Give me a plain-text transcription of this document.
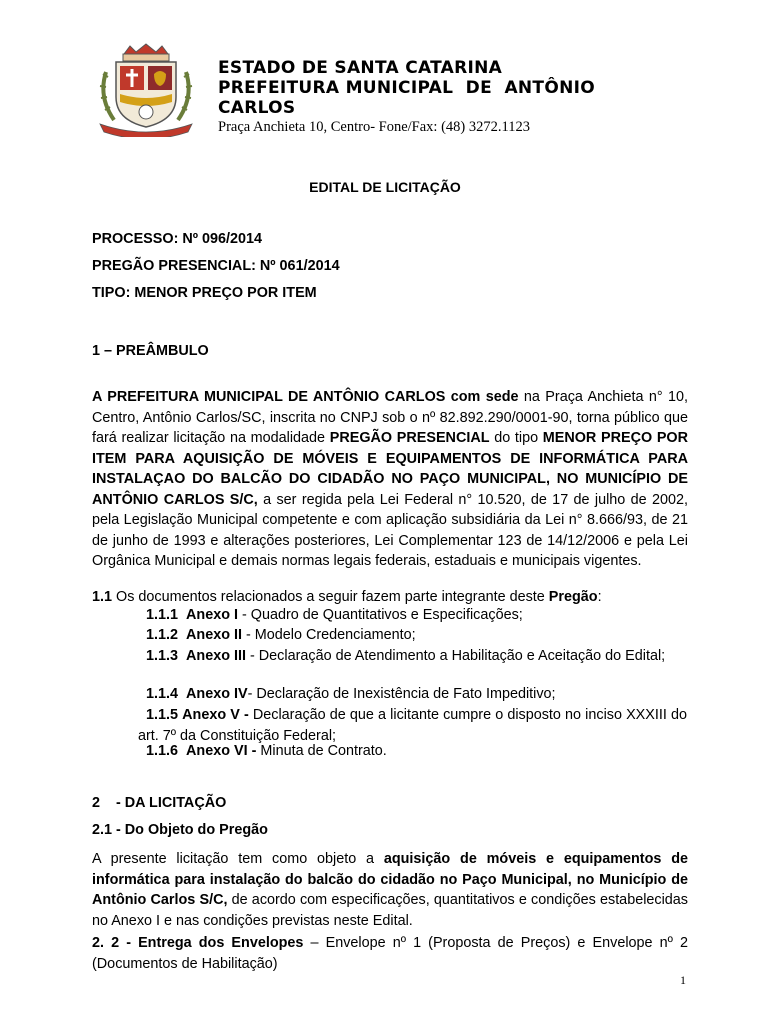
ESTADO DE SANTA CATARINA
PREFEITURA MUNICIPAL  DE  ANTÔNIO
CARLOS
Praça Anchieta 10, Centro- Fone/Fax: (48) 3272.1123
EDITAL DE LICITAÇÃO
PROCESSO: Nº 096/2014
PREGÃO PRESENCIAL: Nº 061/2014
TIPO: MENOR PREÇO POR ITEM
1 – PREÂMBULO
A PREFEITURA MUNICIPAL DE ANTÔNIO CARLOS com sede na Praça Anchieta n° 10, Centro, Antônio Carlos/SC, inscrita no CNPJ sob o nº 82.892.290/0001-90, torna público que fará realizar licitação na modalidade PREGÃO PRESENCIAL do tipo MENOR PREÇO POR ITEM PARA AQUISIÇÃO DE MÓVEIS E EQUIPAMENTOS DE INFORMÁTICA PARA INSTALAÇAO DO BALCÃO DO CIDADÃO NO PAÇO MUNICIPAL, NO MUNICÍPIO DE ANTÔNIO CARLOS S/C, a ser regida pela Lei Federal n° 10.520, de 17 de julho de 2002, pela Legislação Municipal competente e com aplicação subsidiária da Lei n° 8.666/93, de 21 de junho de 1993 e alterações posteriores, Lei Complementar 123 de 14/12/2006 e pela Lei Orgânica Municipal e demais normas legais federais, estaduais e municipais vigentes.
1.1 Os documentos relacionados a seguir fazem parte integrante deste Pregão:
1.1.1 Anexo I - Quadro de Quantitativos e Especificações;
1.1.2 Anexo II - Modelo Credenciamento;
1.1.3 Anexo III - Declaração de Atendimento a Habilitação e Aceitação do Edital;
1.1.4 Anexo IV- Declaração de Inexistência de Fato Impeditivo;
1.1.5 Anexo V - Declaração de que a licitante cumpre o disposto no inciso XXXIII do art. 7º da Constituição Federal;
1.1.6 Anexo VI - Minuta de Contrato.
2    - DA LICITAÇÃO
2.1 - Do Objeto do Pregão
A presente licitação tem como objeto a aquisição de móveis e equipamentos de informática para instalação do balcão do cidadão no Paço Municipal, no Município de Antônio Carlos S/C, de acordo com especificações, quantitativos e condições estabelecidas no Anexo I e nas condições previstas neste Edital.
2. 2 - Entrega dos Envelopes – Envelope nº 1 (Proposta de Preços) e Envelope nº 2 (Documentos de Habilitação)
1
